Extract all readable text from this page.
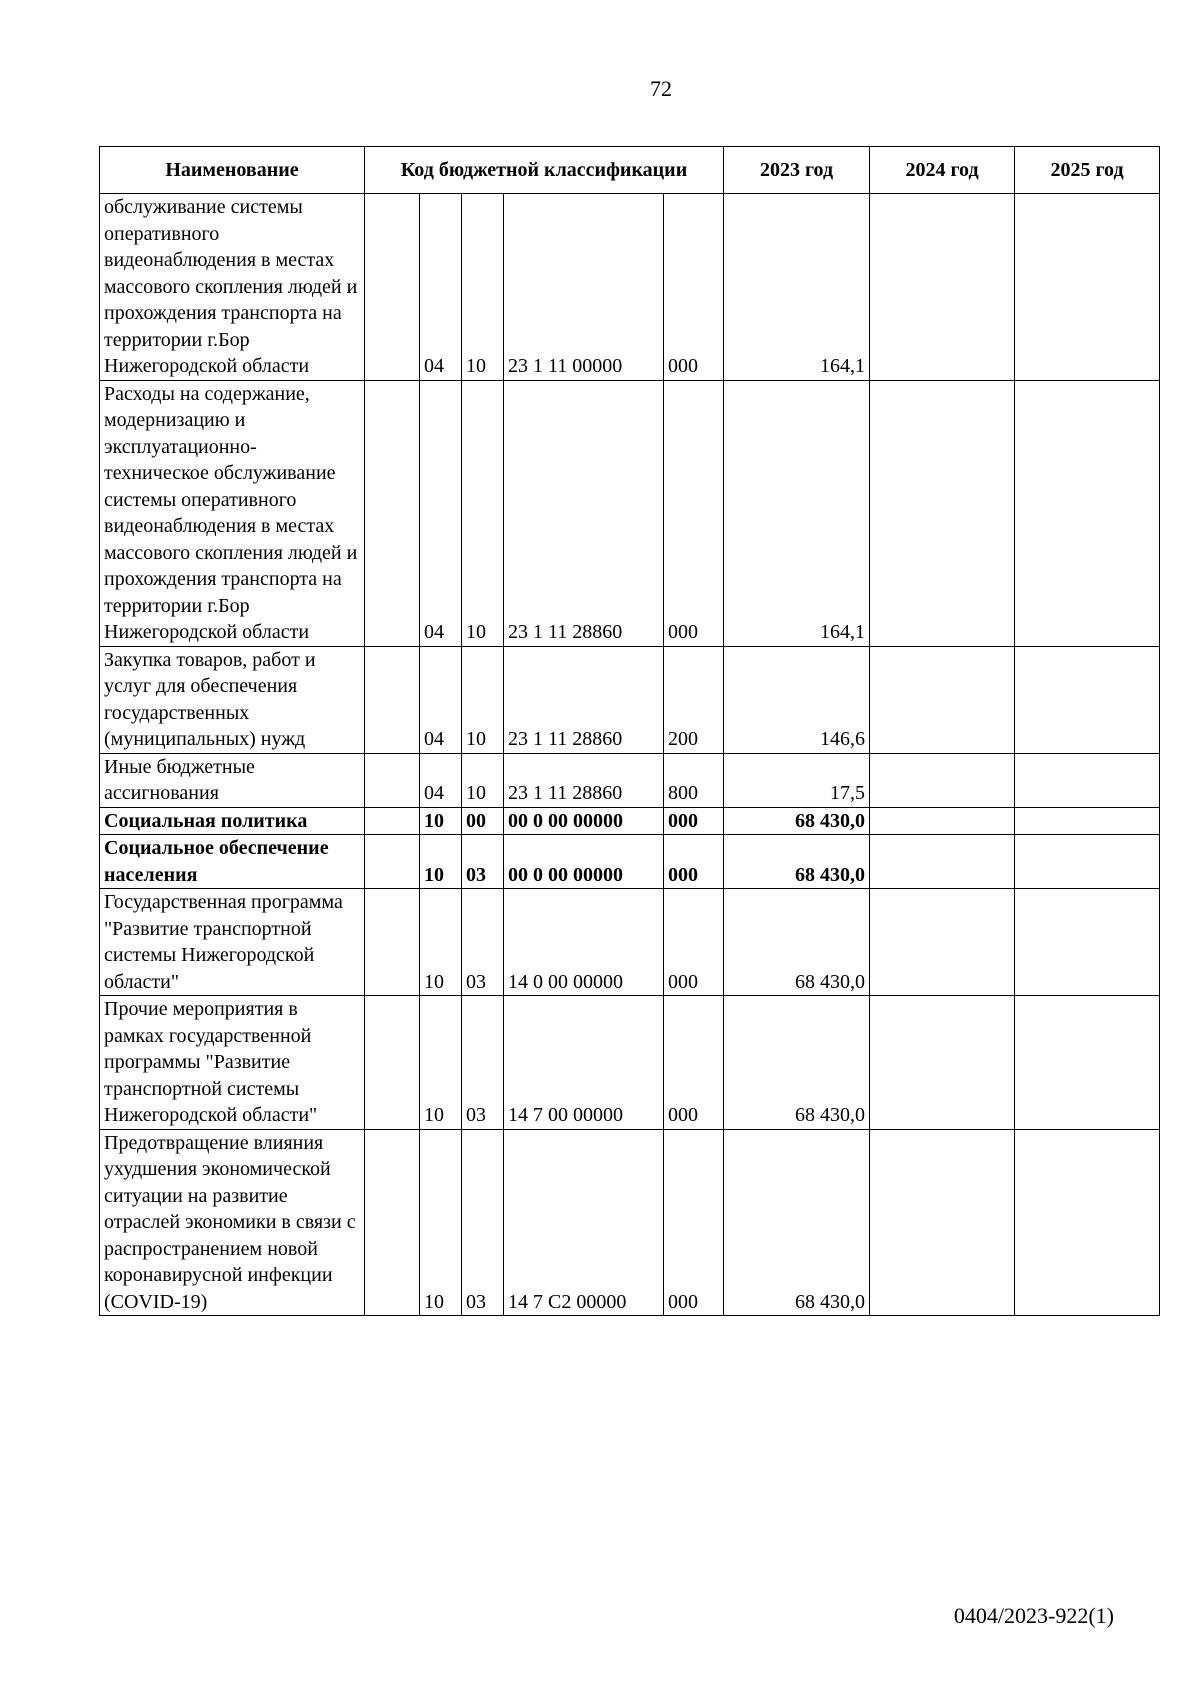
72
Наименование	Код бюджетной классификации					2023 год	2024 год	2025 год
обслуживание системы оперативного видеонаблюдения в местах массового скопления людей и прохождения транспорта на территории г.Бор Нижегородской области		04	10	23 1 11 00000	000	164,1		
Расходы на содержание, модернизацию и эксплуатационно-техническое обслуживание системы оперативного видеонаблюдения в местах массового скопления людей и прохождения транспорта на территории г.Бор Нижегородской области		04	10	23 1 11 28860	000	164,1		
Закупка товаров, работ и услуг для обеспечения государственных (муниципальных) нужд		04	10	23 1 11 28860	200	146,6		
Иные бюджетные ассигнования		04	10	23 1 11 28860	800	17,5		
Социальная политика		10	00	00 0 00 00000	000	68 430,0		
Социальное обеспечение населения		10	03	00 0 00 00000	000	68 430,0		
Государственная программа "Развитие транспортной системы Нижегородской области"		10	03	14 0 00 00000	000	68 430,0		
Прочие мероприятия в рамках государственной программы "Развитие транспортной системы Нижегородской области"		10	03	14 7 00 00000	000	68 430,0		
Предотвращение влияния ухудшения экономической ситуации на развитие отраслей экономики в связи с распространением новой коронавирусной инфекции (COVID-19)		10	03	14 7 C2 00000	000	68 430,0		
0404/2023-922(1)
